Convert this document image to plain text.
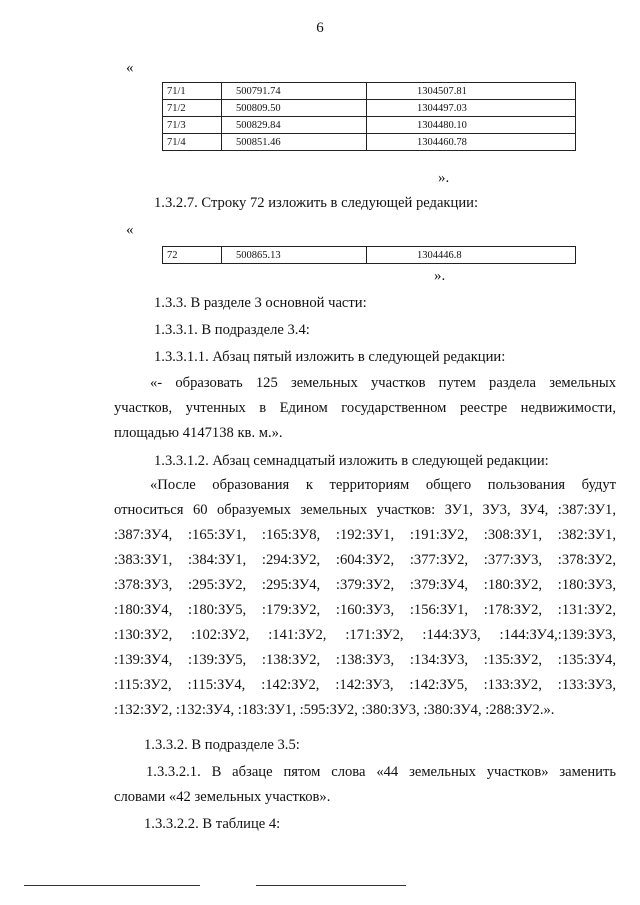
6
«
71/1	500791.74	1304507.81
71/2	500809.50	1304497.03
71/3	500829.84	1304480.10
71/4	500851.46	1304460.78
».
1.3.2.7. Строку 72 изложить в следующей редакции:
«
72	500865.13	1304446.8
».
1.3.3. В разделе 3 основной части:
1.3.3.1. В подразделе 3.4:
1.3.3.1.1. Абзац пятый изложить в следующей редакции:
«- образовать 125 земельных участков путем раздела земельных
участков, учтенных в Едином государственном реестре недвижимости,
площадью 4147138 кв. м.».
1.3.3.1.2. Абзац семнадцатый изложить в следующей редакции:
«После образования к территориям общего пользования будут
относиться 60 образуемых земельных участков: ЗУ1, ЗУ3, ЗУ4, :387:ЗУ1,
:387:ЗУ4, :165:ЗУ1, :165:ЗУ8, :192:ЗУ1, :191:ЗУ2, :308:ЗУ1, :382:ЗУ1,
:383:ЗУ1, :384:ЗУ1, :294:ЗУ2, :604:ЗУ2, :377:ЗУ2, :377:ЗУ3, :378:ЗУ2,
:378:ЗУ3, :295:ЗУ2, :295:ЗУ4, :379:ЗУ2, :379:ЗУ4, :180:ЗУ2, :180:ЗУ3,
:180:ЗУ4, :180:ЗУ5, :179:ЗУ2, :160:ЗУ3, :156:ЗУ1, :178:ЗУ2, :131:ЗУ2,
:130:ЗУ2, :102:ЗУ2, :141:ЗУ2, :171:ЗУ2, :144:ЗУ3, :144:ЗУ4,:139:ЗУ3,
:139:ЗУ4, :139:ЗУ5, :138:ЗУ2, :138:ЗУ3, :134:ЗУ3, :135:ЗУ2, :135:ЗУ4,
:115:ЗУ2, :115:ЗУ4, :142:ЗУ2, :142:ЗУ3, :142:ЗУ5, :133:ЗУ2, :133:ЗУ3,
:132:ЗУ2, :132:ЗУ4, :183:ЗУ1, :595:ЗУ2, :380:ЗУ3, :380:ЗУ4, :288:ЗУ2.».
1.3.3.2. В подразделе 3.5:
1.3.3.2.1. В абзаце пятом слова «44 земельных участков» заменить
словами «42 земельных участков».
1.3.3.2.2. В таблице 4:
